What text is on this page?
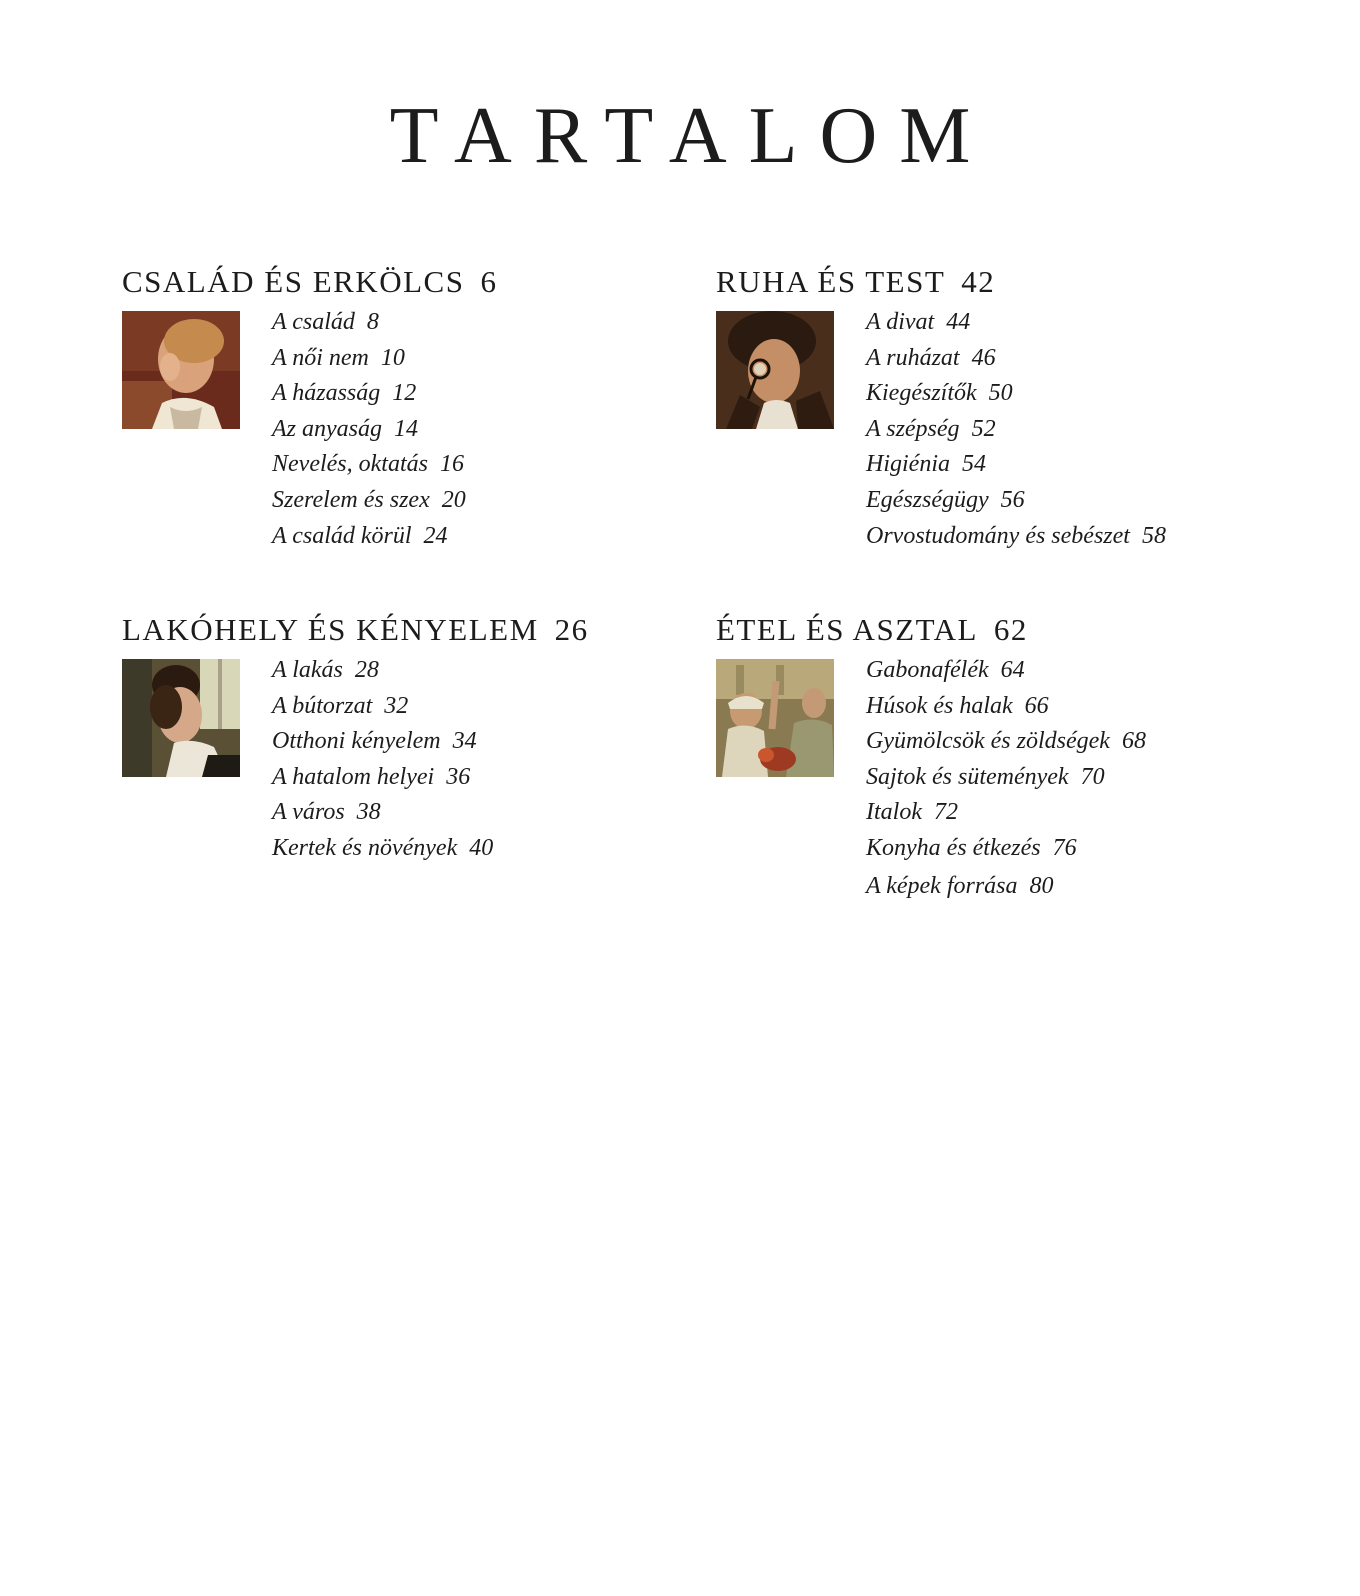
TARTALOM
CSALÁD ÉS ERKÖLCS 6
A család 8
A női nem 10
A házasság 12
Az anyaság 14
Nevelés, oktatás 16
Szerelem és szex 20
A család körül 24
RUHA ÉS TEST 42
A divat 44
A ruházat 46
Kiegészítők 50
A szépség 52
Higiénia 54
Egészségügy 56
Orvostudomány és sebészet 58
LAKÓHELY ÉS KÉNYELEM 26
A lakás 28
A bútorzat 32
Otthoni kényelem 34
A hatalom helyei 36
A város 38
Kertek és növények 40
ÉTEL ÉS ASZTAL 62
Gabonafélék 64
Húsok és halak 66
Gyümölcsök és zöldségek 68
Sajtok és sütemények 70
Italok 72
Konyha és étkezés 76
A képek forrása 80
